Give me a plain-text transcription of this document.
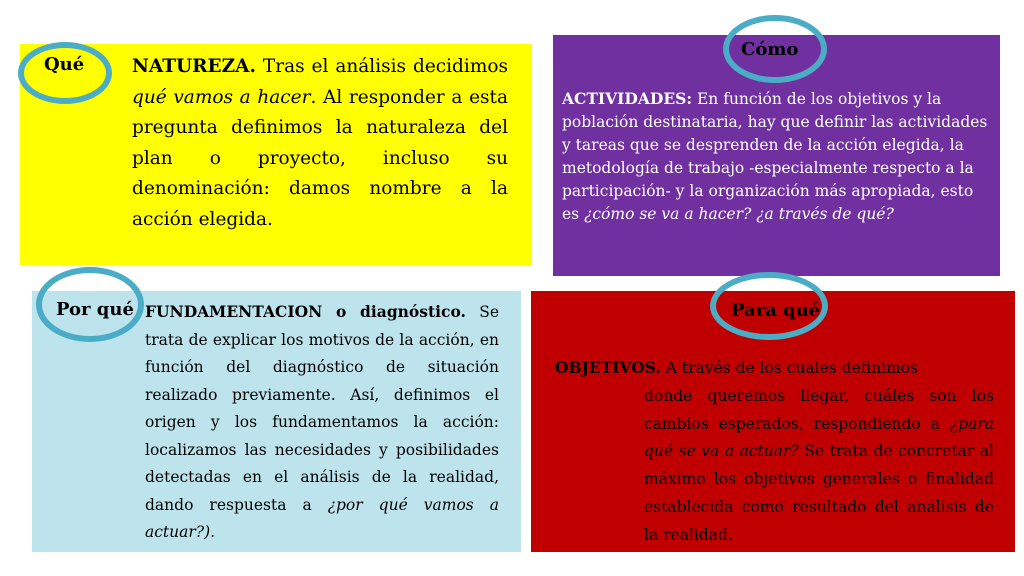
NATUREZA. Tras el análisis decidimos qué vamos a hacer. Al responder a esta pregunta definimos la naturaleza del plan o proyecto, incluso su denominación: damos nombre a la acción elegida.
Qué
ACTIVIDADES: En función de los objetivos y la población destinataria, hay que definir las actividades y tareas que se desprenden de la acción elegida, la metodología de trabajo -especialmente respecto a la participación- y la organización más apropiada, esto es ¿cómo se va a hacer? ¿a través de qué?
Cómo
FUNDAMENTACION o diagnóstico. Se trata de explicar los motivos de la acción, en función del diagnóstico de situación realizado previamente. Así, definimos el origen y los fundamentamos la acción: localizamos las necesidades y posibilidades detectadas en el análisis de la realidad, dando respuesta a ¿por qué vamos a actuar?).
Por qué
OBJETIVOS. A través de los cuales definimos
donde queremos llegar, cuáles son los cambios esperados, respondiendo a ¿para qué se va a actuar? Se trata de concretar al máximo los objetivos generales o finalidad establecida como resultado del análisis de la realidad.
Para qué
